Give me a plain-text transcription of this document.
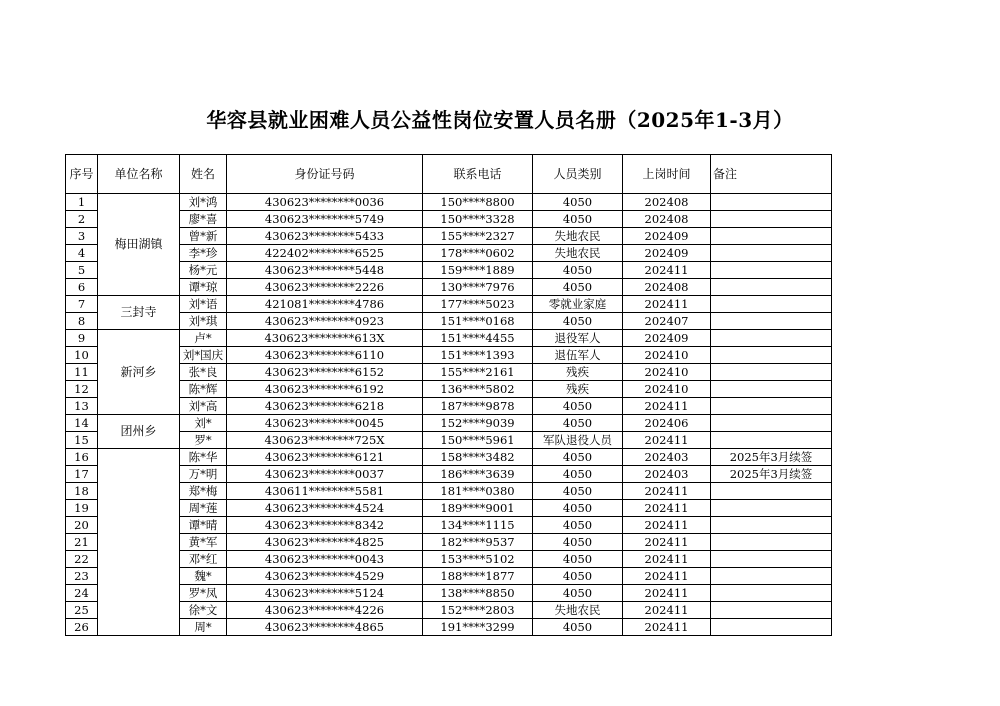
华容县就业困难人员公益性岗位安置人员名册（2025年1-3月）
序号	单位名称	姓名	身份证号码	联系电话	人员类别	上岗时间	备注
1	梅田湖镇	刘*鸿	430623********0036	150****8800	4050	202408	
2		廖*喜	430623********5749	150****3328	4050	202408	
3		曾*新	430623********5433	155****2327	失地农民	202409	
4		李*珍	422402********6525	178****0602	失地农民	202409	
5		杨*元	430623********5448	159****1889	4050	202411	
6		谭*琼	430623********2226	130****7976	4050	202408	
7	三封寺	刘*语	421081********4786	177****5023	零就业家庭	202411	
8		刘*琪	430623********0923	151****0168	4050	202407	
9	新河乡	卢*	430623********613X	151****4455	退役军人	202409	
10		刘*国庆	430623********6110	151****1393	退伍军人	202410	
11		张*良	430623********6152	155****2161	残疾	202410	
12		陈*辉	430623********6192	136****5802	残疾	202410	
13		刘*高	430623********6218	187****9878	4050	202411	
14	团州乡	刘*	430623********0045	152****9039	4050	202406	
15		罗*	430623********725X	150****5961	军队退役人员	202411	
16		陈*华	430623********6121	158****3482	4050	202403	2025年3月续签
17		万*明	430623********0037	186****3639	4050	202403	2025年3月续签
18		郑*梅	430611********5581	181****0380	4050	202411	
19		周*莲	430623********4524	189****9001	4050	202411	
20		谭*晴	430623********8342	134****1115	4050	202411	
21		黄*军	430623********4825	182****9537	4050	202411	
22		邓*红	430623********0043	153****5102	4050	202411	
23		魏*	430623********4529	188****1877	4050	202411	
24		罗*凤	430623********5124	138****8850	4050	202411	
25		徐*文	430623********4226	152****2803	失地农民	202411	
26		周*	430623********4865	191****3299	4050	202411	
